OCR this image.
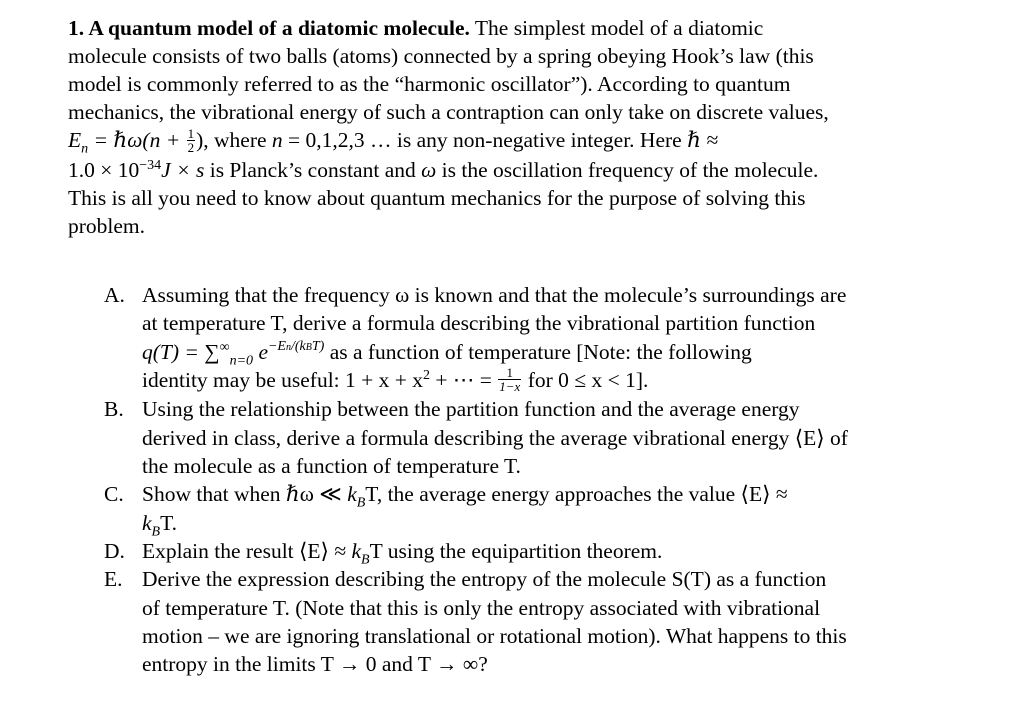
1. A quantum model of a diatomic molecule. The simplest model of a diatomic
molecule consists of two balls (atoms) connected by a spring obeying Hook’s law (this
model is commonly referred to as the “harmonic oscillator”). According to quantum
mechanics, the vibrational energy of such a contraption can only take on discrete values,
$E_n$ = ℏω(n + $\frac{1}{2}$ ), where n = 0,1,2,3 … is any non-negative integer. Here ℏ ≈
$1.0 \times 10^{-34}J \times s$ is Planck’s constant and ω is the oscillation frequency of the molecule.
This is all you need to know about quantum mechanics for the purpose of solving this
problem.
A. Assuming that the frequency ω is known and that the molecule’s surroundings are
at temperature T, derive a formula describing the vibrational partition function
$q(T) = \sum^\infty_{n=0}$ $e^{-En/(kBT)}$ as a function of temperature [Note: the following
identity may be useful: $1 + x + x^2$ + ⋯ = $\frac{1}{1-x}$ for 0 ≤ x < 1].
B. Using the relationship between the partition function and the average energy
derived in class, derive a formula describing the average vibrational energy ⟨E⟩ of
the molecule as a function of temperature T.
C. Show that when ℏω ≪ $k_BT$, the average energy approaches the value ⟨E⟩ ≈
$k_BT$.
D. Explain the result ⟨E⟩ ≈ $k_BT$ using the equipartition theorem.
E. Derive the expression describing the entropy of the molecule S(T) as a function
of temperature T. (Note that this is only the entropy associated with vibrational
motion – we are ignoring translational or rotational motion). What happens to this
entropy in the limits T → 0 and T → ∞?
